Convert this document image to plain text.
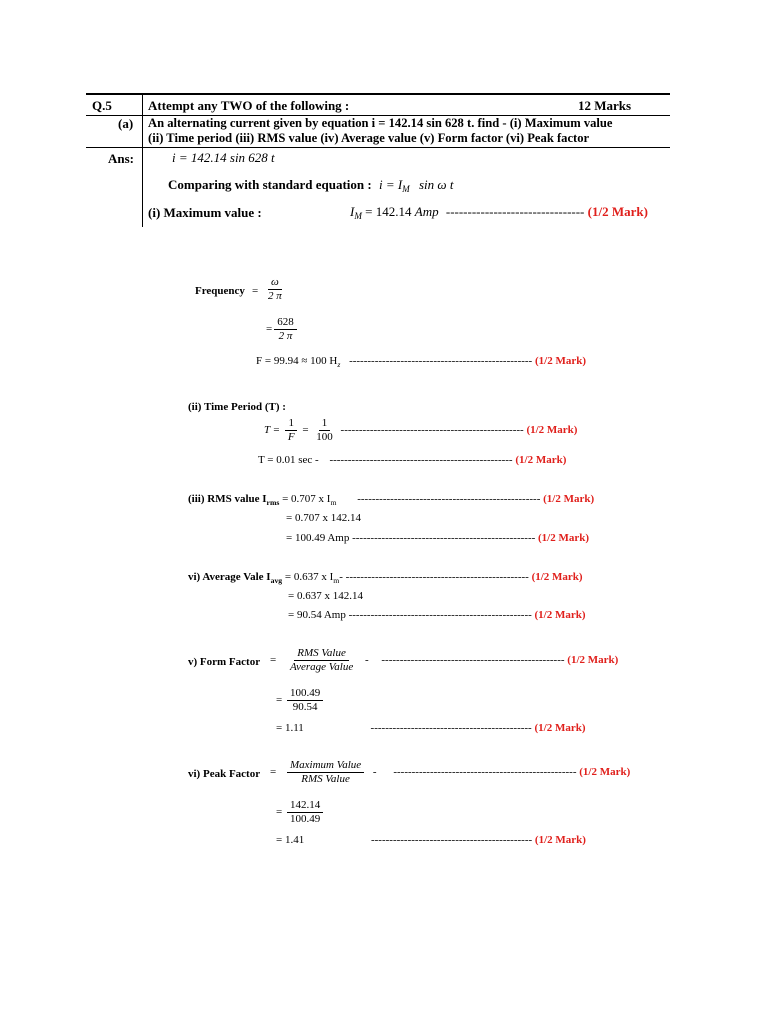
Q.5	Attempt any TWO of the following :	12 Marks
(a) An alternating current given by equation i = 142.14 sin 628 t. find - (i) Maximum value
(ii) Time period (iii) RMS value (iv) Average value (v) Form factor (vi) Peak factor
Ans:	i = 142.14 sin 628 t
Comparing with standard equation : $i = I_M$ sin ω t
(i) Maximum value :	$I_M = 142.14$ Amp -------------------------------- (1/2 Mark)
Frequency = $\frac{\omega}{2 \pi}$
= $\frac{628}{2 \pi}$
F = 99.94 ≈ 100 $H_z$ -------------------------------------------------- (1/2 Mark)
(ii) Time Period (T) :
$T = \frac{1}{F} = \frac{1}{100}$ -------------------------------------------------- (1/2 Mark)
T = 0.01 sec - -------------------------------------------------- (1/2 Mark)
(iii) RMS value $I_{rms} = 0.707$ x $I_m$ -------------------------------------------------- (1/2 Mark)
= 0.707 x 142.14
= 100.49 Amp -------------------------------------------------- (1/2 Mark)
vi) Average Vale $I_{avg} = 0.637$ x $I_m-$ -------------------------------------------------- (1/2 Mark)
= 0.637 x 142.14
= 90.54 Amp -------------------------------------------------- (1/2 Mark)
v) Form Factor = $\frac{\text{RMS Value}}{\text{Average Value}}$ - -------------------------------------------------- (1/2 Mark)
= $\frac{100.49}{90.54}$
= 1.11	-------------------------------------------- (1/2 Mark)
vi) Peak Factor = $\frac{\text{Maximum Value}}{\text{RMS Value}}$ - -------------------------------------------------- (1/2 Mark)
= $\frac{142.14}{100.49}$
= 1.41	-------------------------------------------- (1/2 Mark)
